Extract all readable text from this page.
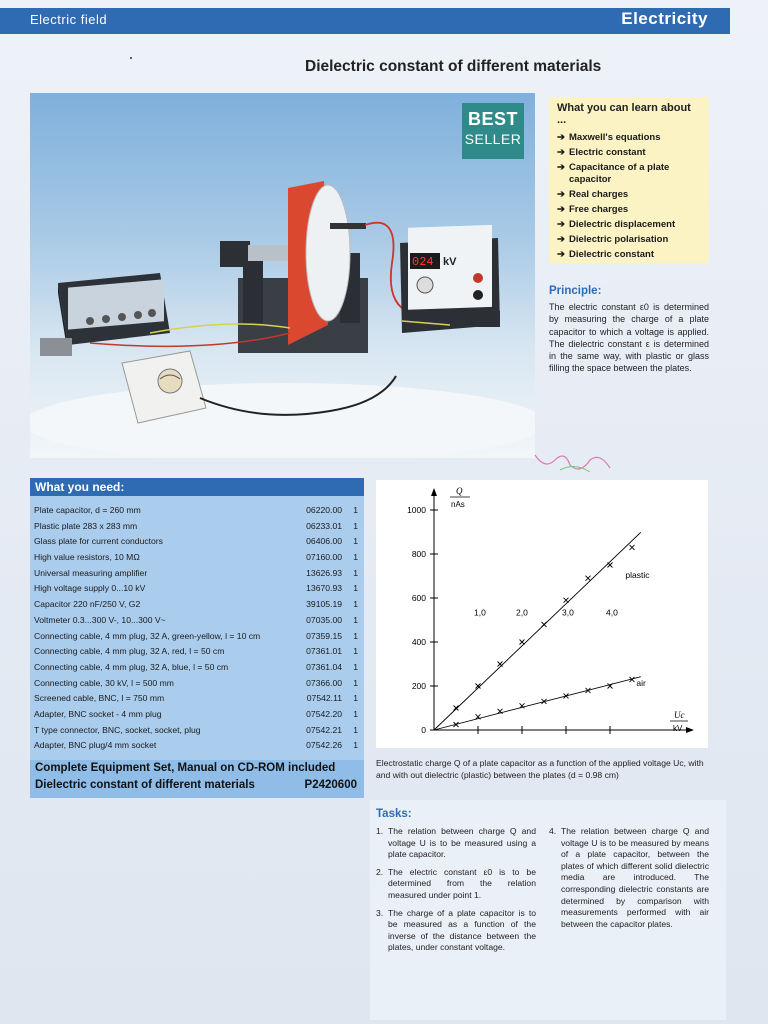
Electric field	Electricity
Dielectric constant of different materials
024 kV
BEST
SELLER
What you can learn about ...
➔ Maxwell's equations
➔ Electric constant
➔ Capacitance of a plate capacitor
➔ Real charges
➔ Free charges
➔ Dielectric displacement
➔ Dielectric polarisation
➔ Dielectric constant
Principle:
The electric constant ε0 is determined by measuring the charge of a plate capacitor to which a voltage is applied. The dielectric constant ε is determined in the same way, with plastic or glass filling the space between the plates.
What you need:
Plate capacitor, d = 260 mm	06220.00	1
Plastic plate 283 x 283 mm	06233.01	1
Glass plate for current conductors	06406.00	1
High value resistors, 10 MΩ	07160.00	1
Universal measuring amplifier	13626.93	1
High voltage supply 0...10 kV	13670.93	1
Capacitor 220 nF/250 V, G2	39105.19	1
Voltmeter 0.3...300 V-, 10...300 V~	07035.00	1
Connecting cable, 4 mm plug, 32 A, green-yellow, l = 10 cm	07359.15	1
Connecting cable, 4 mm plug, 32 A, red, l = 50 cm	07361.01	1
Connecting cable, 4 mm plug, 32 A, blue, l = 50 cm	07361.04	1
Connecting cable, 30 kV, l = 500 mm	07366.00	1
Screened cable, BNC, l = 750 mm	07542.11	1
Adapter, BNC socket - 4 mm plug	07542.20	1
T type connector, BNC, socket, socket, plug	07542.21	1
Adapter, BNC plug/4 mm socket	07542.26	1
Complete Equipment Set, Manual on CD-ROM included
Dielectric constant of different materials	P2420600
0
200
400
600
800
1000
1,0	2,0	3,0	4,0
Q
nAs
Uc
kV
plastic
air
Electrostatic charge Q of a plate capacitor as a function of the applied voltage Uc, with and with out dielectric (plastic) between the plates (d = 0.98 cm)
Tasks:
1. The relation between charge Q and voltage U is to be measured using a plate capacitor.
2. The electric constant ε0 is to be determined from the relation measured under point 1.
3. The charge of a plate capacitor is to be measured as a function of the inverse of the distance between the plates, under constant voltage.
4. The relation between charge Q and voltage U is to be measured by means of a plate capacitor, between the plates of which different solid dielectric media are introduced. The corresponding dielectric constants are determined by comparison with measurements performed with air between the capacitor plates.
